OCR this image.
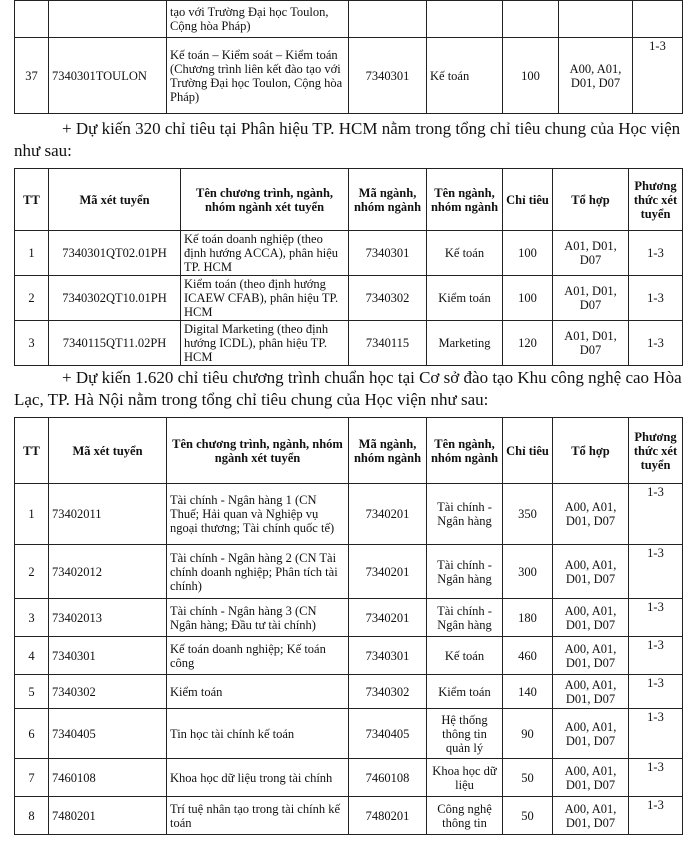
		tạo với Trường Đại học Toulon, Cộng hòa Pháp)					
37	7340301TOULON	Kế toán – Kiểm soát – Kiểm toán (Chương trình liên kết đào tạo với Trường Đại học Toulon, Cộng hòa Pháp)	7340301	Kế toán	100	A00, A01, D01, D07	1-3
+ Dự kiến 320 chỉ tiêu tại Phân hiệu TP. HCM nằm trong tổng chỉ tiêu chung của Học viện như sau:
TT	Mã xét tuyển	Tên chương trình, ngành, nhóm ngành xét tuyển	Mã ngành, nhóm ngành	Tên ngành, nhóm ngành	Chỉ tiêu	Tổ hợp	Phương thức xét tuyển
1	7340301QT02.01PH	Kế toán doanh nghiệp (theo định hướng ACCA), phân hiệu TP. HCM	7340301	Kế toán	100	A01, D01, D07	1-3
2	7340302QT10.01PH	Kiểm toán (theo định hướng ICAEW CFAB), phân hiệu TP. HCM	7340302	Kiểm toán	100	A01, D01, D07	1-3
3	7340115QT11.02PH	Digital Marketing (theo định hướng ICDL), phân hiệu TP. HCM	7340115	Marketing	120	A01, D01, D07	1-3
+ Dự kiến 1.620 chỉ tiêu chương trình chuẩn học tại Cơ sở đào tạo Khu công nghệ cao Hòa Lạc, TP. Hà Nội nằm trong tổng chỉ tiêu chung của Học viện như sau:
TT	Mã xét tuyển	Tên chương trình, ngành, nhóm ngành xét tuyển	Mã ngành, nhóm ngành	Tên ngành, nhóm ngành	Chỉ tiêu	Tổ hợp	Phương thức xét tuyển
1	73402011	Tài chính - Ngân hàng 1 (CN Thuế; Hải quan và Nghiệp vụ ngoại thương; Tài chính quốc tế)	7340201	Tài chính - Ngân hàng	350	A00, A01, D01, D07	1-3
2	73402012	Tài chính - Ngân hàng 2 (CN Tài chính doanh nghiệp; Phân tích tài chính)	7340201	Tài chính - Ngân hàng	300	A00, A01, D01, D07	1-3
3	73402013	Tài chính - Ngân hàng 3 (CN Ngân hàng; Đầu tư tài chính)	7340201	Tài chính - Ngân hàng	180	A00, A01, D01, D07	1-3
4	7340301	Kế toán doanh nghiệp; Kế toán công	7340301	Kế toán	460	A00, A01, D01, D07	1-3
5	7340302	Kiểm toán	7340302	Kiểm toán	140	A00, A01, D01, D07	1-3
6	7340405	Tin học tài chính kế toán	7340405	Hệ thống thông tin quản lý	90	A00, A01, D01, D07	1-3
7	7460108	Khoa học dữ liệu trong tài chính	7460108	Khoa học dữ liệu	50	A00, A01, D01, D07	1-3
8	7480201	Trí tuệ nhân tạo trong tài chính kế toán	7480201	Công nghệ thông tin	50	A00, A01, D01, D07	1-3
